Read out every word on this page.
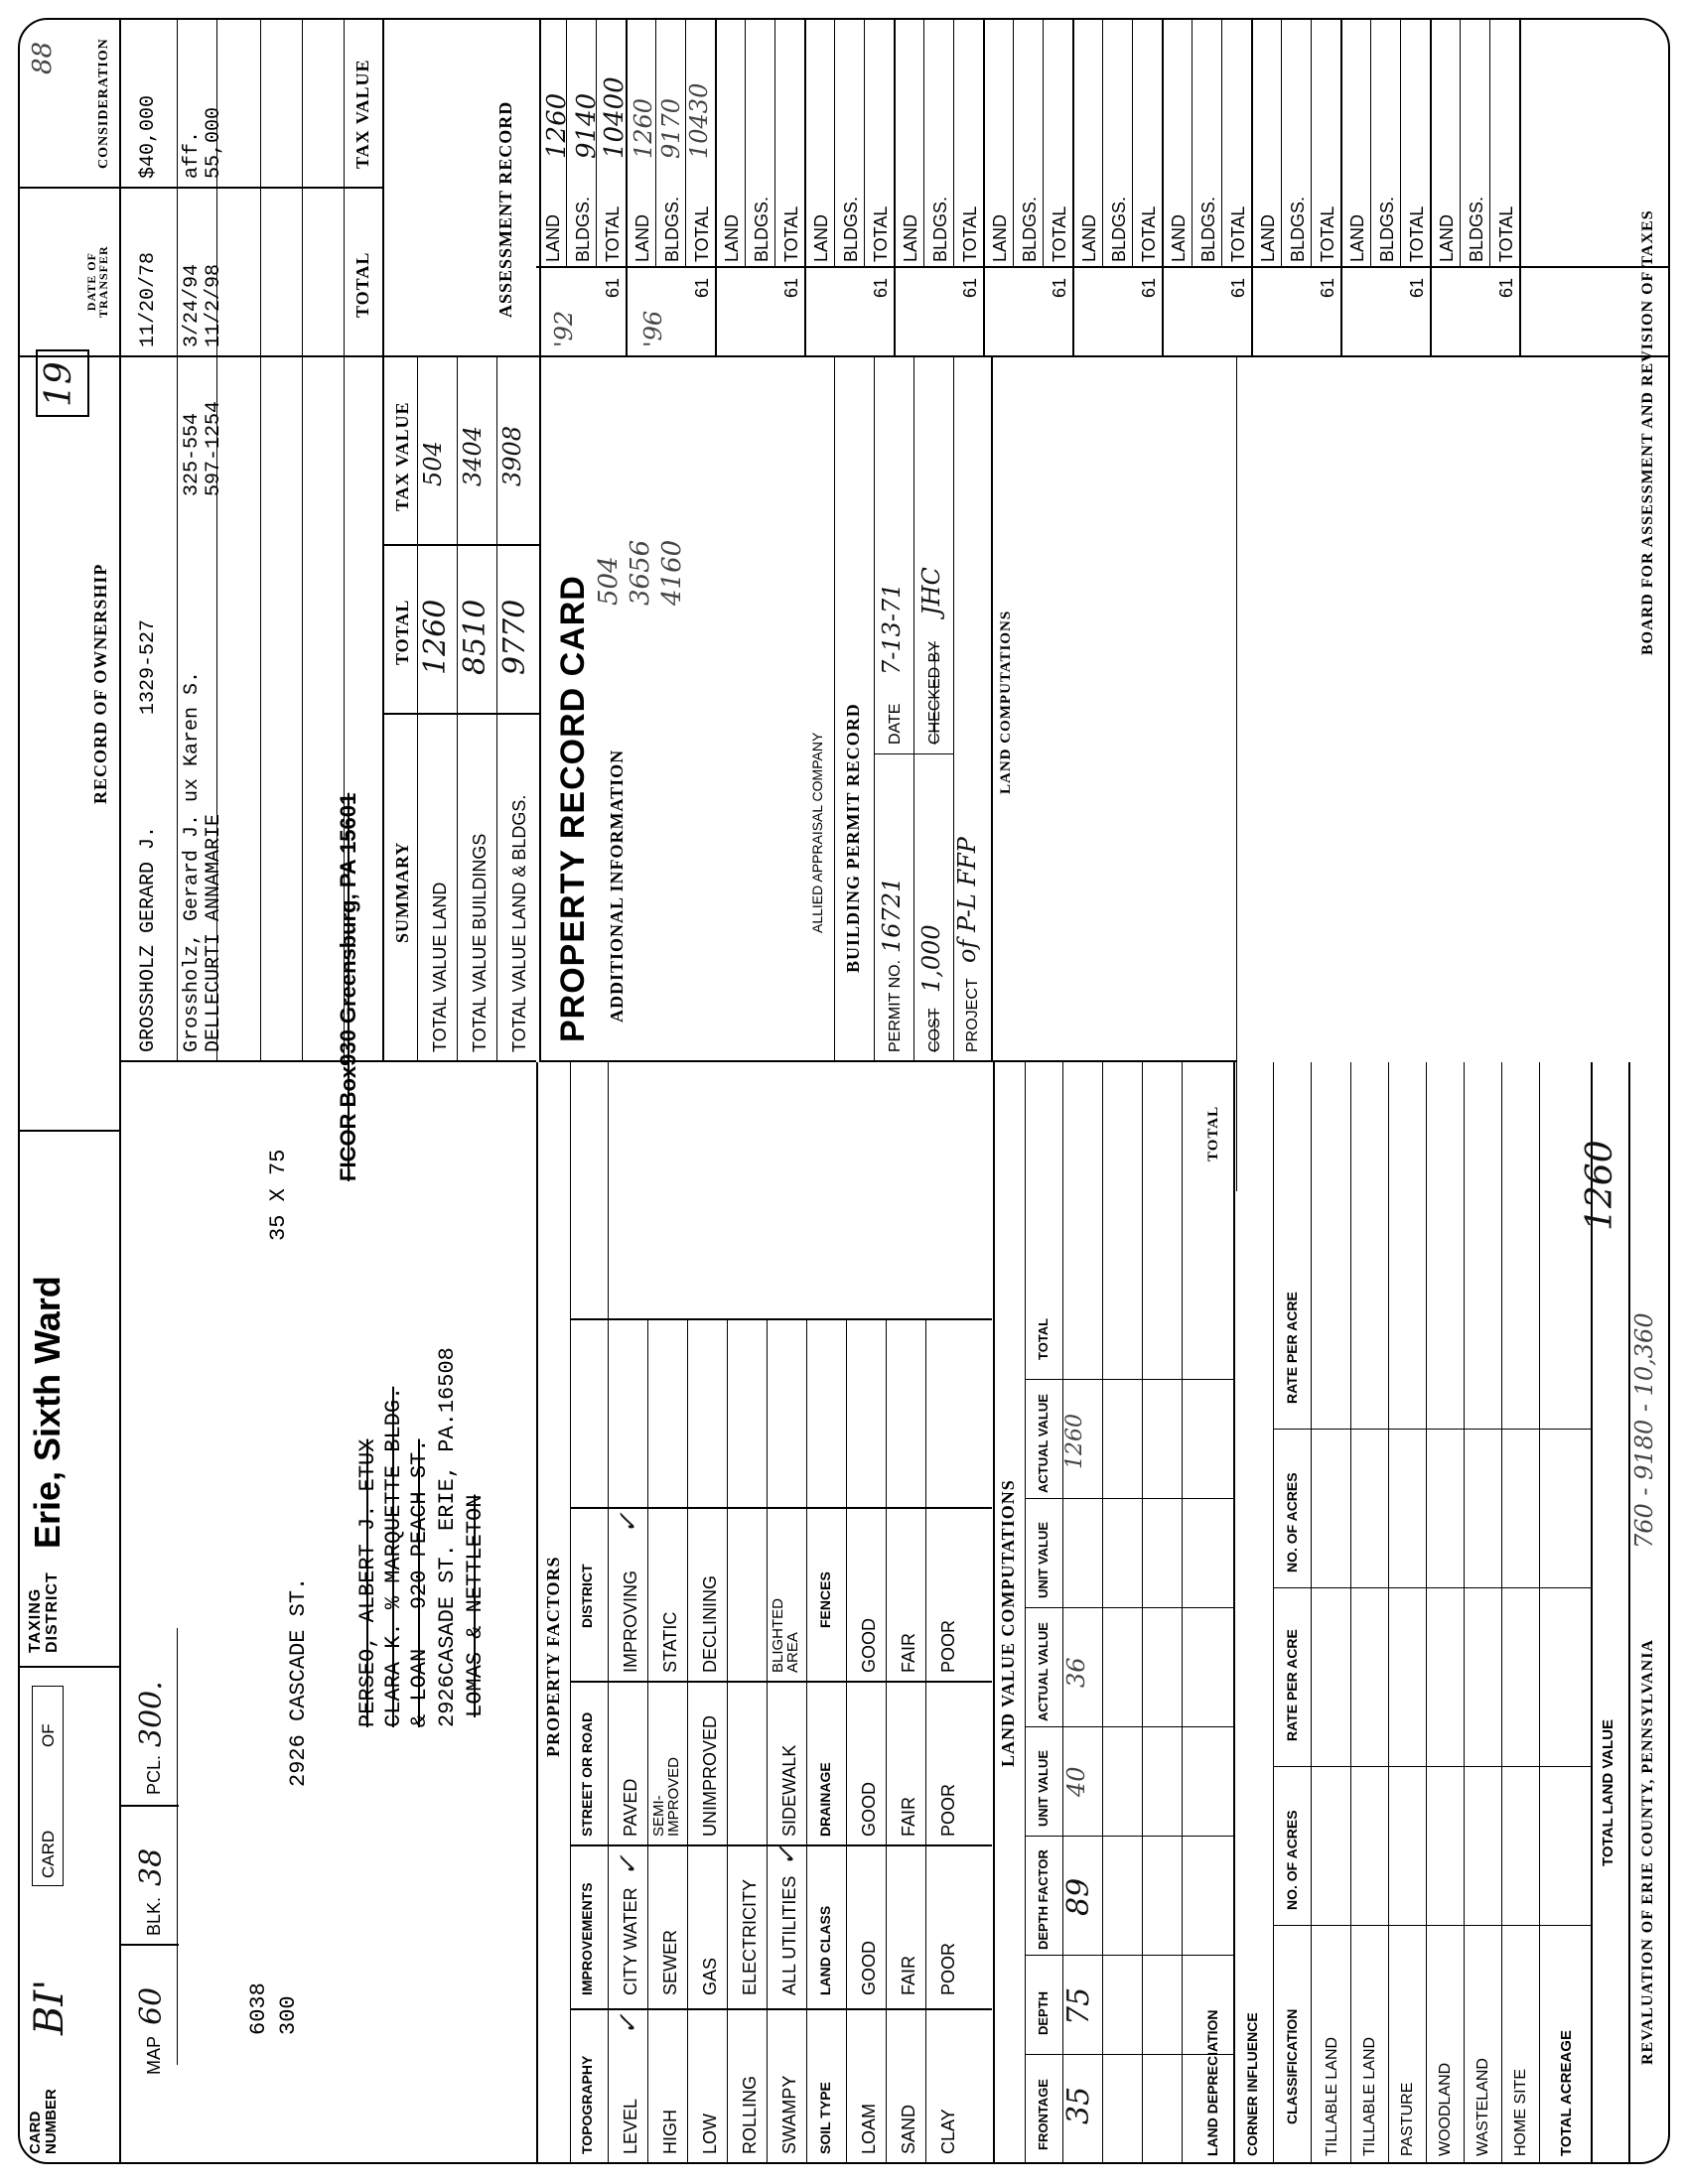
CARD
NUMBER
BI'
CARD
OF
TAXING
DISTRICT
Erie, Sixth Ward
19
88
MAP
60
BLK.
38
PCL.
300.
6038 300
2926 CASCADE ST.
35 X 75
PERSEO, ALBERT J. ETUX CLARA K. % MARQUETTE BLDG. & LOAN - 920 PEACH ST. 2926CASADE ST. ERIE, PA.16508 LOMAS & NETTLETON
FICOR Box930 Greensburg, PA 15601
RECORD OF OWNERSHIP
DATE OF
TRANSFER
CONSIDERATION
GROSSHOLZ GERARD J.
1329-527
11/20/78
$40,000
Grossholz, Gerard J. ux Karen S.
325-554
3/24/94
aff.
DELLECURTI ANNAMARIE
597-1254
11/2/98
55,000
TOTAL
TAX VALUE
SUMMARY
TOTAL
TAX VALUE
TOTAL VALUE LAND
1260
504
TOTAL VALUE BUILDINGS
8510
3404
TOTAL VALUE LAND & BLDGS.
9770
3908
ASSESSMENT RECORD
'92	'96
1260 9140
10400 1260 9170 10430
LAND BLDGS. TOTAL
61
LAND BLDGS. TOTAL
61
LAND BLDGS. TOTAL
61
LAND BLDGS. TOTAL
61
LAND BLDGS. TOTAL
61
LAND BLDGS. TOTAL
61
LAND BLDGS. TOTAL
61
LAND BLDGS. TOTAL
61
LAND BLDGS. TOTAL
61
LAND BLDGS. TOTAL
61
LAND BLDGS. TOTAL
61
PROPERTY RECORD CARD ADDITIONAL INFORMATION
504 3656 4160
ALLIED APPRAISAL COMPANY BUILDING PERMIT RECORD
PERMIT NO.
16721
DATE
7-13-71
COST
1,000
CHECKED BY
JHC
PROJECT
of P-L FFP
LAND COMPUTATIONS
TOTAL
PROPERTY FACTORS
TOPOGRAPHY
IMPROVEMENTS
STREET OR ROAD
DISTRICT
LEVEL
CITY WATER
PAVED
IMPROVING
HIGH
SEWER
SEMI-
IMPROVED
STATIC
LOW
GAS
UNIMPROVED
DECLINING
ROLLING
ELECTRICITY
SWAMPY
ALL UTILITIES
SIDEWALK
BLIGHTED
AREA
SOIL TYPE
LAND CLASS
DRAINAGE
FENCES
LOAM
GOOD
GOOD
GOOD
SAND
FAIR
FAIR
FAIR
CLAY
POOR
POOR
POOR
✓
✓
✓
✓
LAND VALUE COMPUTATIONS
FRONTAGE
DEPTH
DEPTH FACTOR
UNIT VALUE
ACTUAL VALUE
UNIT VALUE
ACTUAL VALUE
TOTAL
35
75
89
40
36
1260
LAND DEPRECIATION CORNER INFLUENCE CLASSIFICATION
NO. OF ACRES
RATE PER ACRE
NO. OF ACRES
RATE PER ACRE
TILLABLE LAND TILLABLE LAND PASTURE WOODLAND WASTELAND HOME SITE TOTAL ACREAGE
TOTAL LAND VALUE
1260
REVALUATION OF ERIE COUNTY, PENNSYLVANIA
760 - 9180 - 10,360
BOARD FOR ASSESSMENT AND REVISION OF TAXES
